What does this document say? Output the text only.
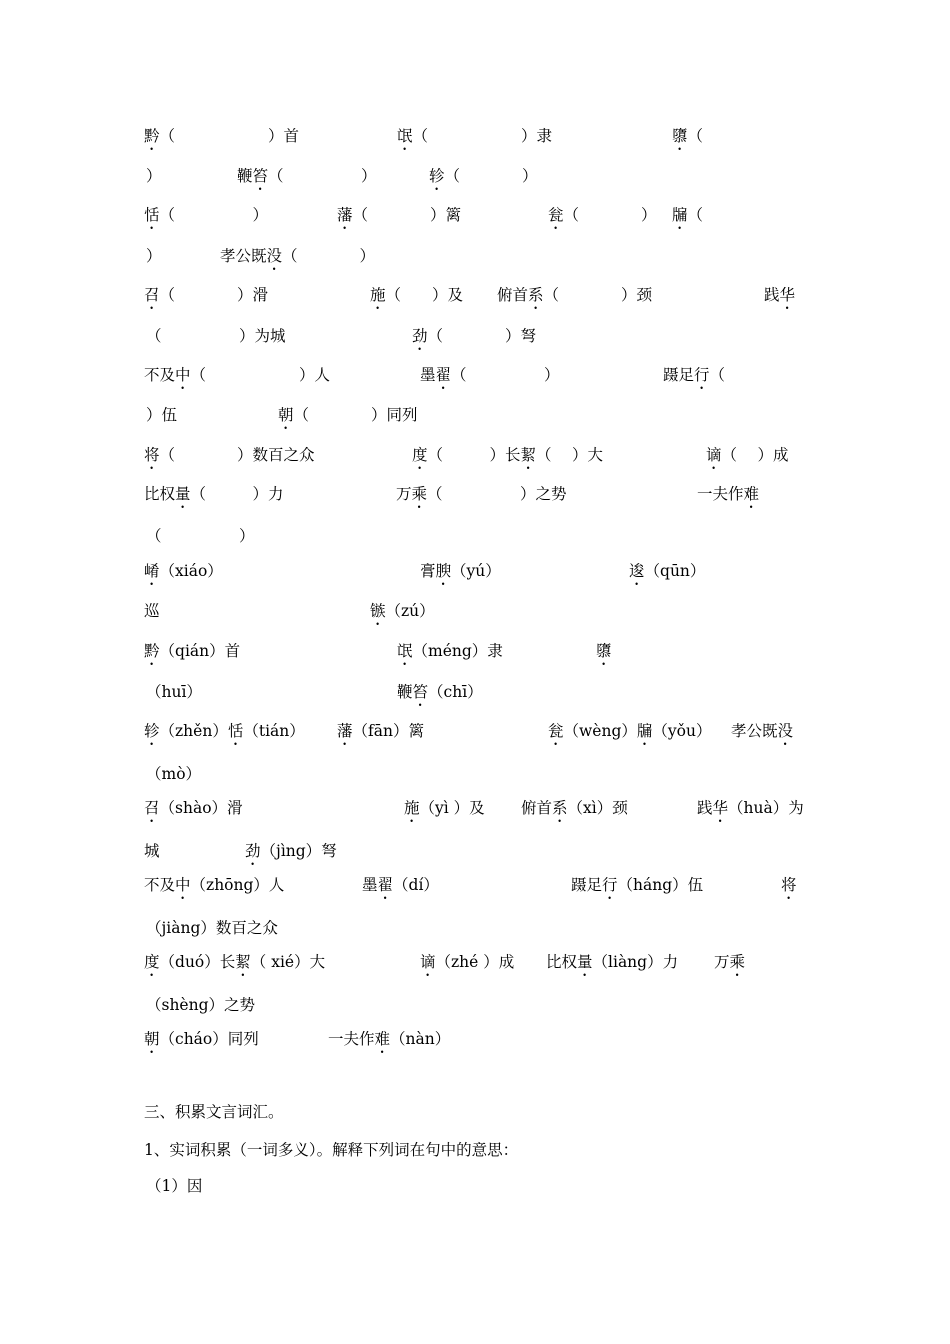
黔（　　　　　　）首	氓（　　　　　　）隶	隳（
）	鞭笞（　　　　　）	轸（　　　　）
恬（　　　　　）	藩（　　　　）篱	瓮（　　　　） 牖（
）	孝公既没（　　　　）
召（　　　　）滑	施（　　）及 俯首系（　　　　）颈	践华
（　　　　　）为城	劲（　　　　）弩
不及中（　　　　　　）人	墨翟（　　　　　）	蹑足行（
）伍	朝（　　　　）同列
将（　　　　）数百之众	度（　　　）长絜（　 ）大	谪（　 ）成
比权量（　　　）力	万乘（　　　　　）之势	一夫作难
（　　　　　）
崤（xiáo）	膏腴（yú）	逡（qūn）
巡	镞（zú）
黔（qián）首	氓（méng）隶	隳
（huī）	鞭笞（chī）
轸（zhěn）恬（tián） 藩（fān）篱	瓮（wèng）牖（yǒu） 孝公既没
（mò）
召（shào）滑	施（yì ）及 俯首系（xì）颈	践华（huà）为
城	劲（jìng）弩
不及中（zhōng）人	墨翟（dí）	蹑足行（háng）伍	将
（jiàng）数百之众
度（duó）长絜（ xié）大	谪（zhé ）成 比权量（liàng）力 万乘
（shèng）之势
朝（cháo）同列	一夫作难（nàn）
三、积累文言词汇。
1、实词积累（一词多义）。解释下列词在句中的意思：
（1）因
